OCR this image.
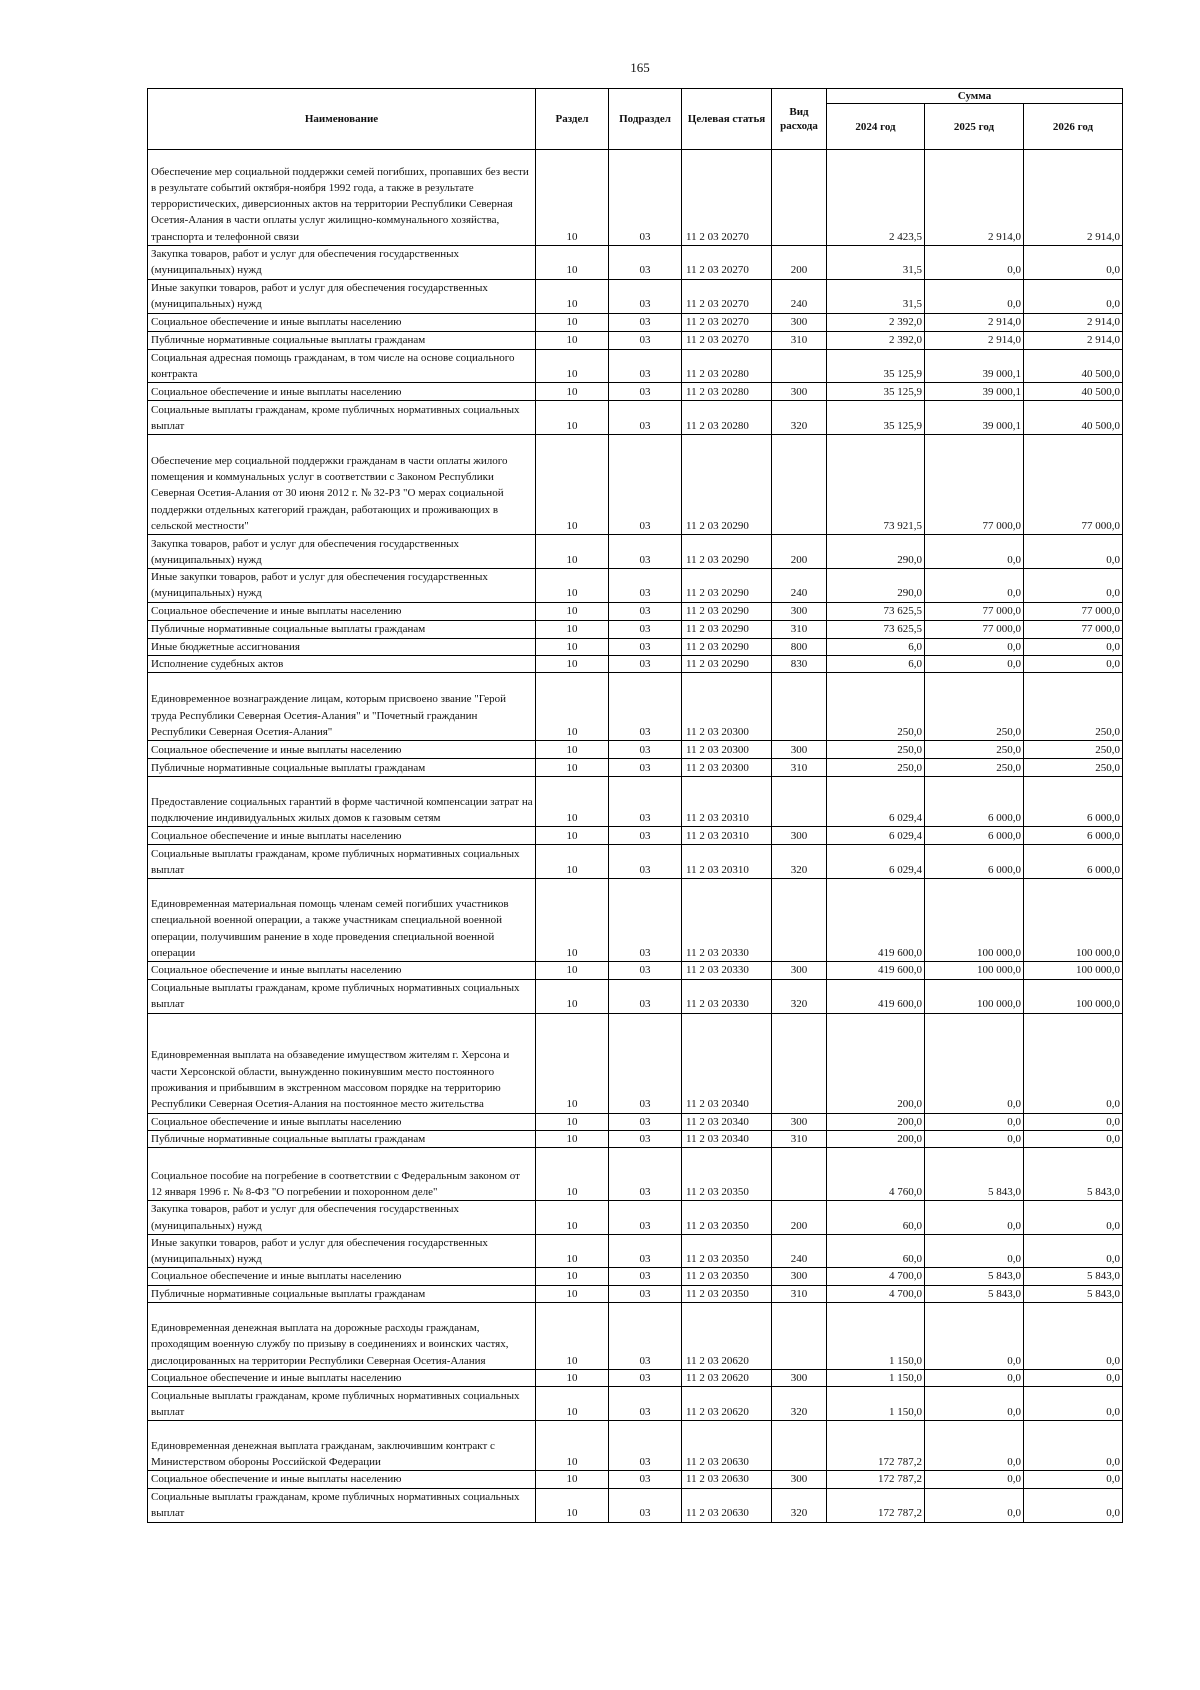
165
Наименование	Раздел	Подраздел	Целевая статья	Вид расхода	Сумма		
					2024 год	2025 год	2026 год
Обеспечение мер социальной поддержки семей погибших, пропавших без вести в результате событий октября-ноября 1992 года, а также в результате террористических, диверсионных актов на территории Республики Северная Осетия-Алания в части оплаты услуг жилищно-коммунального хозяйства, транспорта и телефонной связи	10	03	11 2 03 20270		2 423,5	2 914,0	2 914,0
Закупка товаров, работ и услуг для обеспечения государственных (муниципальных) нужд	10	03	11 2 03 20270	200	31,5	0,0	0,0
Иные закупки товаров, работ и услуг для обеспечения государственных (муниципальных) нужд	10	03	11 2 03 20270	240	31,5	0,0	0,0
Социальное обеспечение и иные выплаты населению	10	03	11 2 03 20270	300	2 392,0	2 914,0	2 914,0
Публичные нормативные социальные выплаты гражданам	10	03	11 2 03 20270	310	2 392,0	2 914,0	2 914,0
Социальная адресная помощь гражданам, в том числе на основе социального контракта	10	03	11 2 03 20280		35 125,9	39 000,1	40 500,0
Социальное обеспечение и иные выплаты населению	10	03	11 2 03 20280	300	35 125,9	39 000,1	40 500,0
Социальные выплаты гражданам, кроме публичных нормативных социальных выплат	10	03	11 2 03 20280	320	35 125,9	39 000,1	40 500,0
Обеспечение мер социальной поддержки гражданам в части оплаты жилого помещения и коммунальных услуг в соответствии с Законом Республики Северная Осетия-Алания от 30 июня 2012 г. № 32-РЗ "О мерах социальной поддержки отдельных категорий граждан, работающих и проживающих в сельской местности"	10	03	11 2 03 20290		73 921,5	77 000,0	77 000,0
Закупка товаров, работ и услуг для обеспечения государственных (муниципальных) нужд	10	03	11 2 03 20290	200	290,0	0,0	0,0
Иные закупки товаров, работ и услуг для обеспечения государственных (муниципальных) нужд	10	03	11 2 03 20290	240	290,0	0,0	0,0
Социальное обеспечение и иные выплаты населению	10	03	11 2 03 20290	300	73 625,5	77 000,0	77 000,0
Публичные нормативные социальные выплаты гражданам	10	03	11 2 03 20290	310	73 625,5	77 000,0	77 000,0
Иные бюджетные ассигнования	10	03	11 2 03 20290	800	6,0	0,0	0,0
Исполнение судебных актов	10	03	11 2 03 20290	830	6,0	0,0	0,0
Единовременное вознаграждение лицам, которым присвоено звание "Герой труда Республики Северная Осетия-Алания" и "Почетный гражданин Республики Северная Осетия-Алания"	10	03	11 2 03 20300		250,0	250,0	250,0
Социальное обеспечение и иные выплаты населению	10	03	11 2 03 20300	300	250,0	250,0	250,0
Публичные нормативные социальные выплаты гражданам	10	03	11 2 03 20300	310	250,0	250,0	250,0
Предоставление социальных гарантий в форме частичной компенсации затрат на подключение индивидуальных жилых домов к газовым сетям	10	03	11 2 03 20310		6 029,4	6 000,0	6 000,0
Социальное обеспечение и иные выплаты населению	10	03	11 2 03 20310	300	6 029,4	6 000,0	6 000,0
Социальные выплаты гражданам, кроме публичных нормативных социальных выплат	10	03	11 2 03 20310	320	6 029,4	6 000,0	6 000,0
Единовременная материальная помощь членам семей погибших участников специальной военной операции, а также участникам специальной военной операции, получившим ранение в ходе проведения специальной военной операции	10	03	11 2 03 20330		419 600,0	100 000,0	100 000,0
Социальное обеспечение и иные выплаты населению	10	03	11 2 03 20330	300	419 600,0	100 000,0	100 000,0
Социальные выплаты гражданам, кроме публичных нормативных социальных выплат	10	03	11 2 03 20330	320	419 600,0	100 000,0	100 000,0
Единовременная выплата на обзаведение имуществом жителям г. Херсона и части Херсонской области, вынужденно покинувшим место постоянного проживания и прибывшим в экстренном массовом порядке на территорию Республики Северная Осетия-Алания на постоянное место жительства	10	03	11 2 03 20340		200,0	0,0	0,0
Социальное обеспечение и иные выплаты населению	10	03	11 2 03 20340	300	200,0	0,0	0,0
Публичные нормативные социальные выплаты гражданам	10	03	11 2 03 20340	310	200,0	0,0	0,0
Социальное пособие на погребение в соответствии с Федеральным законом от 12 января 1996 г. № 8-ФЗ "О погребении и похоронном деле"	10	03	11 2 03 20350		4 760,0	5 843,0	5 843,0
Закупка товаров, работ и услуг для обеспечения государственных (муниципальных) нужд	10	03	11 2 03 20350	200	60,0	0,0	0,0
Иные закупки товаров, работ и услуг для обеспечения государственных (муниципальных) нужд	10	03	11 2 03 20350	240	60,0	0,0	0,0
Социальное обеспечение и иные выплаты населению	10	03	11 2 03 20350	300	4 700,0	5 843,0	5 843,0
Публичные нормативные социальные выплаты гражданам	10	03	11 2 03 20350	310	4 700,0	5 843,0	5 843,0
Единовременная денежная выплата на дорожные расходы гражданам, проходящим военную службу по призыву в соединениях и воинских частях, дислоцированных на территории Республики Северная Осетия-Алания	10	03	11 2 03 20620		1 150,0	0,0	0,0
Социальное обеспечение и иные выплаты населению	10	03	11 2 03 20620	300	1 150,0	0,0	0,0
Социальные выплаты гражданам, кроме публичных нормативных социальных выплат	10	03	11 2 03 20620	320	1 150,0	0,0	0,0
Единовременная денежная выплата гражданам, заключившим контракт с Министерством обороны Российской Федерации	10	03	11 2 03 20630		172 787,2	0,0	0,0
Социальное обеспечение и иные выплаты населению	10	03	11 2 03 20630	300	172 787,2	0,0	0,0
Социальные выплаты гражданам, кроме публичных нормативных социальных выплат	10	03	11 2 03 20630	320	172 787,2	0,0	0,0
